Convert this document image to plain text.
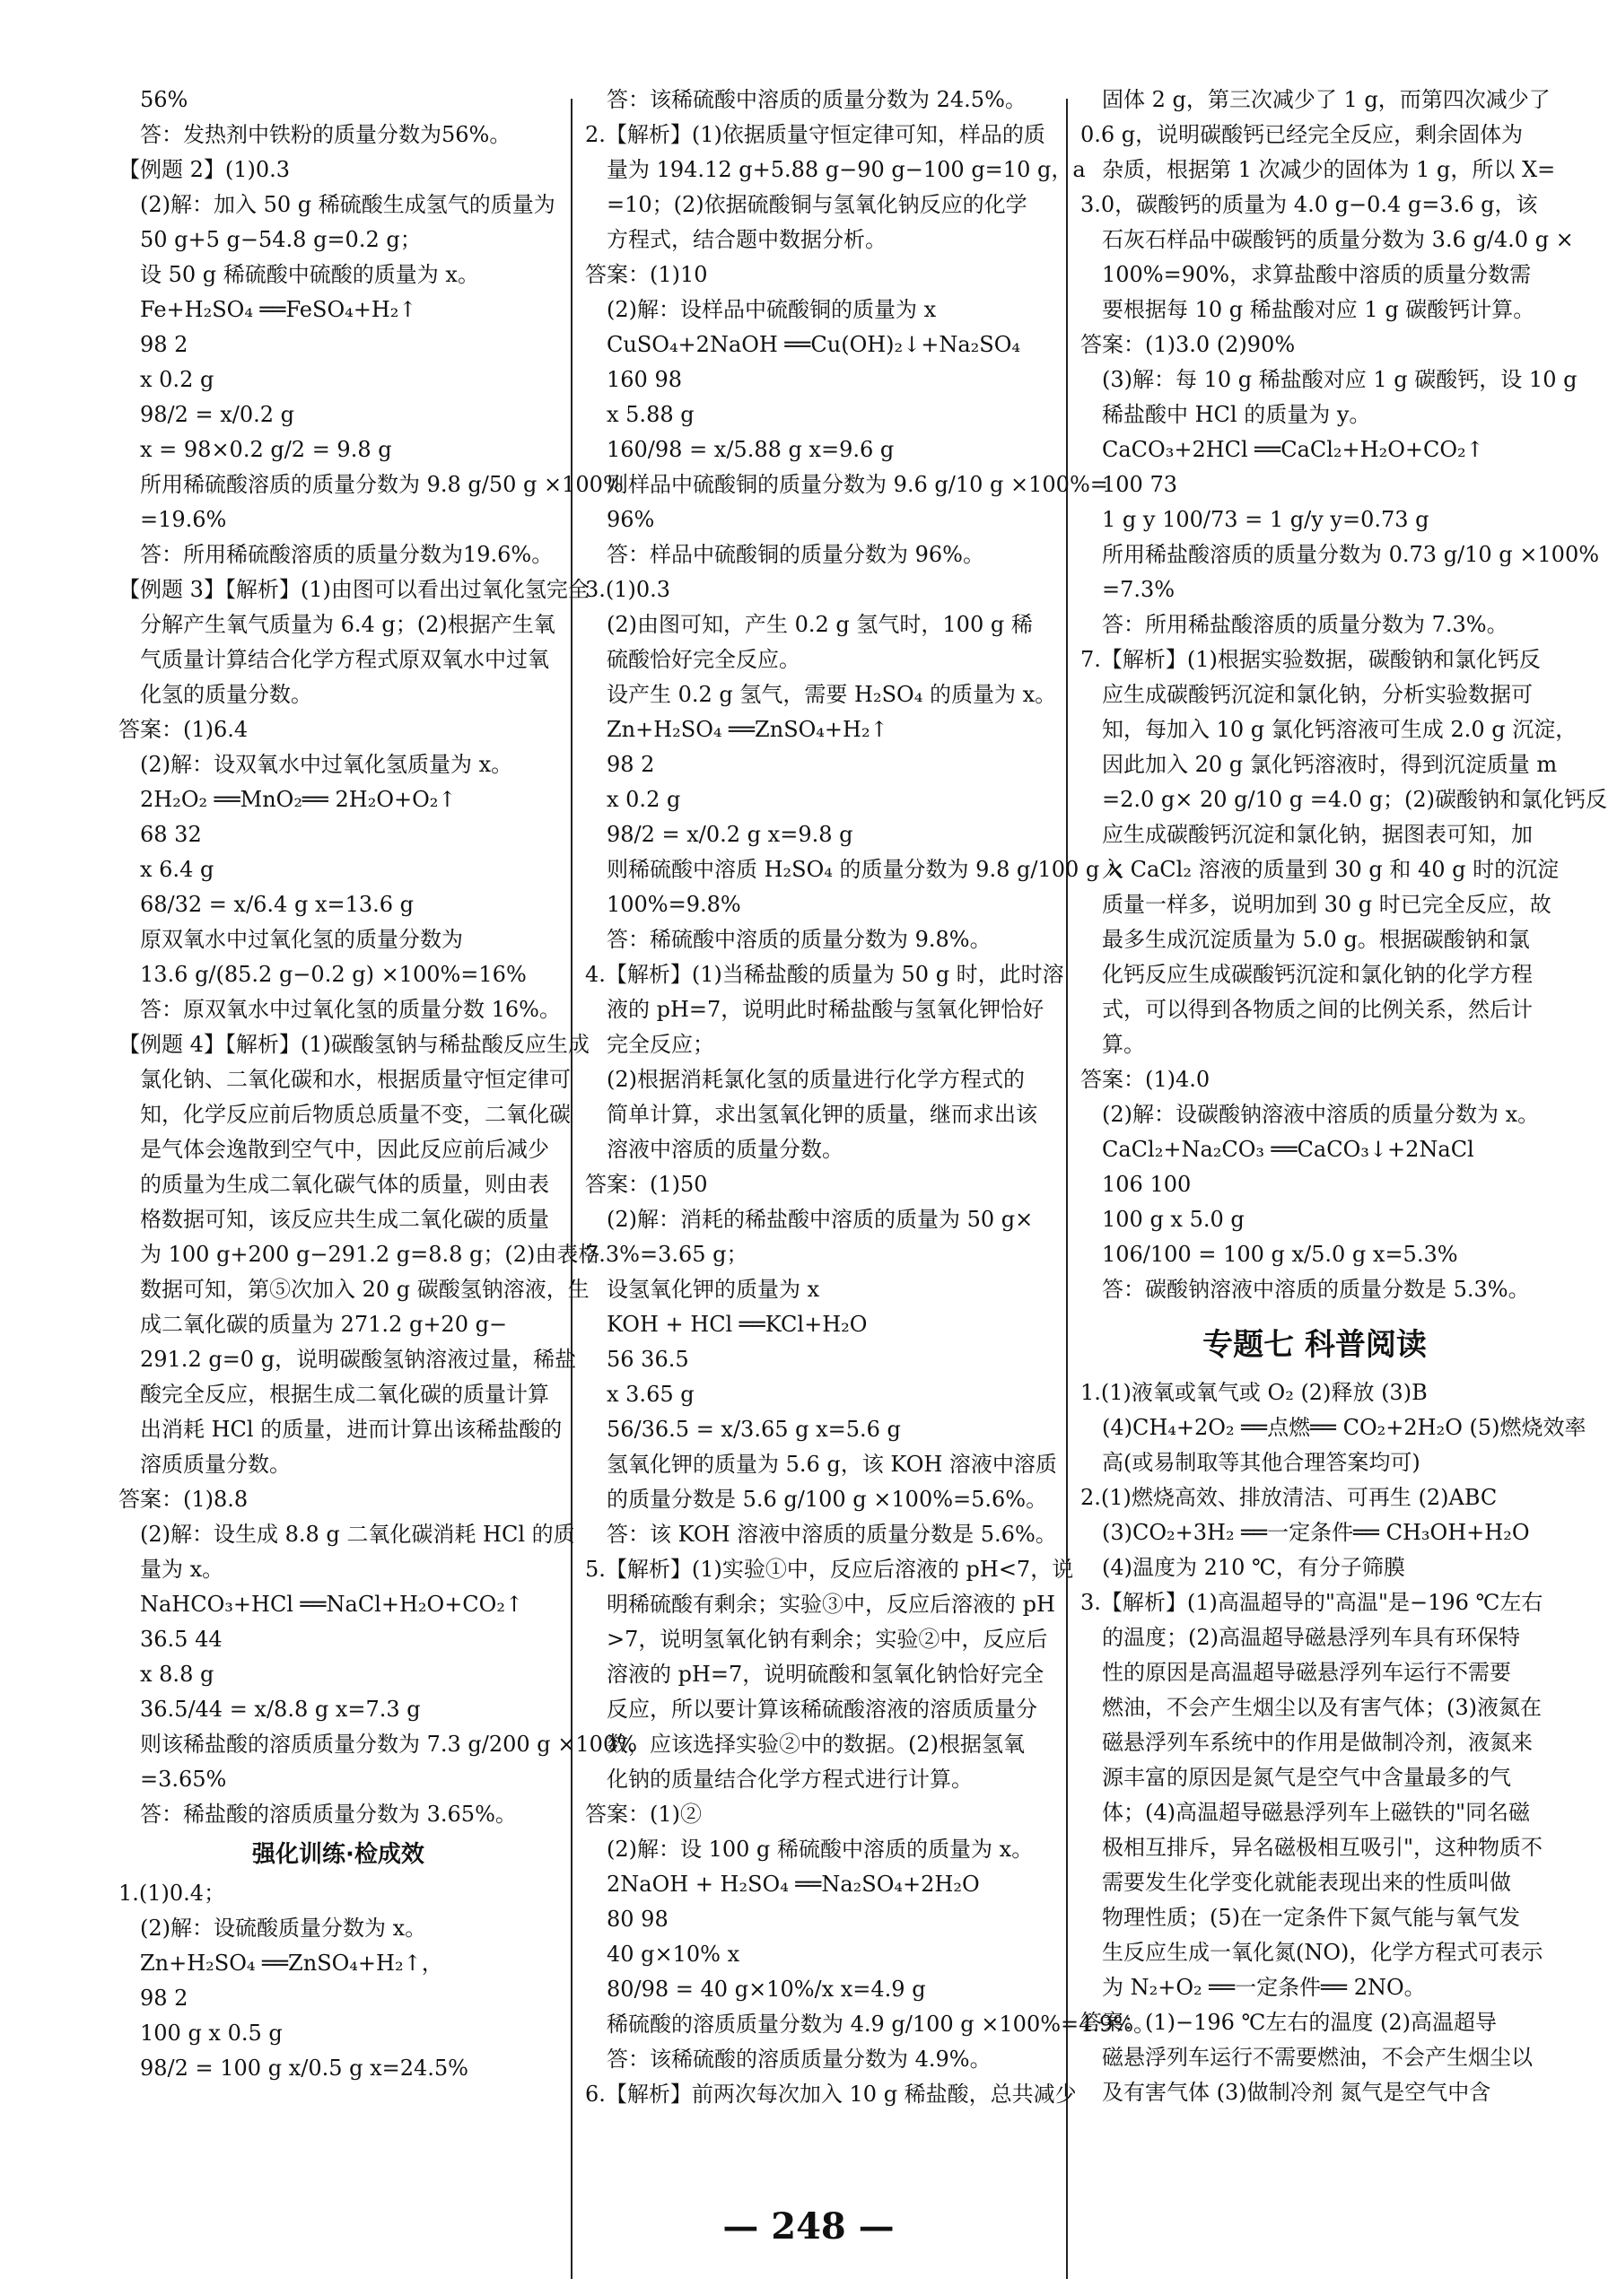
56%
答：发热剂中铁粉的质量分数为56%。
【例题 2】(1)0.3
(2)解：加入 50 g 稀硫酸生成氢气的质量为
50 g+5 g−54.8 g=0.2 g；
设 50 g 稀硫酸中硫酸的质量为 x。
Fe+H₂SO₄ ══FeSO₄+H₂↑
98 2
x 0.2 g
98/2 = x/0.2 g
x = 98×0.2 g/2 = 9.8 g
所用稀硫酸溶质的质量分数为 9.8 g/50 g ×100%
=19.6%
答：所用稀硫酸溶质的质量分数为19.6%。
【例题 3】【解析】(1)由图可以看出过氧化氢完全
分解产生氧气质量为 6.4 g；(2)根据产生氧
气质量计算结合化学方程式原双氧水中过氧
化氢的质量分数。
答案：(1)6.4
(2)解：设双氧水中过氧化氢质量为 x。
2H₂O₂ ══MnO₂══ 2H₂O+O₂↑
68 32
x 6.4 g
68/32 = x/6.4 g x=13.6 g
原双氧水中过氧化氢的质量分数为
13.6 g/(85.2 g−0.2 g) ×100%=16%
答：原双氧水中过氧化氢的质量分数 16%。
【例题 4】【解析】(1)碳酸氢钠与稀盐酸反应生成
氯化钠、二氧化碳和水，根据质量守恒定律可
知，化学反应前后物质总质量不变，二氧化碳
是气体会逸散到空气中，因此反应前后减少
的质量为生成二氧化碳气体的质量，则由表
格数据可知，该反应共生成二氧化碳的质量
为 100 g+200 g−291.2 g=8.8 g；(2)由表格
数据可知，第⑤次加入 20 g 碳酸氢钠溶液，生
成二氧化碳的质量为 271.2 g+20 g−
291.2 g=0 g，说明碳酸氢钠溶液过量，稀盐
酸完全反应，根据生成二氧化碳的质量计算
出消耗 HCl 的质量，进而计算出该稀盐酸的
溶质质量分数。
答案：(1)8.8
(2)解：设生成 8.8 g 二氧化碳消耗 HCl 的质
量为 x。
NaHCO₃+HCl ══NaCl+H₂O+CO₂↑
36.5 44
x 8.8 g
36.5/44 = x/8.8 g x=7.3 g
则该稀盐酸的溶质质量分数为 7.3 g/200 g ×100%
=3.65%
答：稀盐酸的溶质质量分数为 3.65%。
强化训练·检成效
1.(1)0.4；
(2)解：设硫酸质量分数为 x。
Zn+H₂SO₄ ══ZnSO₄+H₂↑，
98 2
100 g x 0.5 g
98/2 = 100 g x/0.5 g x=24.5%
答：该稀硫酸中溶质的质量分数为 24.5%。
2.【解析】(1)依据质量守恒定律可知，样品的质
量为 194.12 g+5.88 g−90 g−100 g=10 g，a
=10；(2)依据硫酸铜与氢氧化钠反应的化学
方程式，结合题中数据分析。
答案：(1)10
(2)解：设样品中硫酸铜的质量为 x
CuSO₄+2NaOH ══Cu(OH)₂↓+Na₂SO₄
160 98
x 5.88 g
160/98 = x/5.88 g x=9.6 g
则样品中硫酸铜的质量分数为 9.6 g/10 g ×100%=
96%
答：样品中硫酸铜的质量分数为 96%。
3.(1)0.3
(2)由图可知，产生 0.2 g 氢气时，100 g 稀
硫酸恰好完全反应。
设产生 0.2 g 氢气，需要 H₂SO₄ 的质量为 x。
Zn+H₂SO₄ ══ZnSO₄+H₂↑
98 2
x 0.2 g
98/2 = x/0.2 g x=9.8 g
则稀硫酸中溶质 H₂SO₄ 的质量分数为 9.8 g/100 g ×
100%=9.8%
答：稀硫酸中溶质的质量分数为 9.8%。
4.【解析】(1)当稀盐酸的质量为 50 g 时，此时溶
液的 pH=7，说明此时稀盐酸与氢氧化钾恰好
完全反应；
(2)根据消耗氯化氢的质量进行化学方程式的
简单计算，求出氢氧化钾的质量，继而求出该
溶液中溶质的质量分数。
答案：(1)50
(2)解：消耗的稀盐酸中溶质的质量为 50 g×
7.3%=3.65 g；
设氢氧化钾的质量为 x
KOH + HCl ══KCl+H₂O
56 36.5
x 3.65 g
56/36.5 = x/3.65 g x=5.6 g
氢氧化钾的质量为 5.6 g，该 KOH 溶液中溶质
的质量分数是 5.6 g/100 g ×100%=5.6%。
答：该 KOH 溶液中溶质的质量分数是 5.6%。
5.【解析】(1)实验①中，反应后溶液的 pH<7，说
明稀硫酸有剩余；实验③中，反应后溶液的 pH
>7，说明氢氧化钠有剩余；实验②中，反应后
溶液的 pH=7，说明硫酸和氢氧化钠恰好完全
反应，所以要计算该稀硫酸溶液的溶质质量分
数，应该选择实验②中的数据。(2)根据氢氧
化钠的质量结合化学方程式进行计算。
答案：(1)②
(2)解：设 100 g 稀硫酸中溶质的质量为 x。
2NaOH + H₂SO₄ ══Na₂SO₄+2H₂O
80 98
40 g×10% x
80/98 = 40 g×10%/x x=4.9 g
稀硫酸的溶质质量分数为 4.9 g/100 g ×100%=4.9%。
答：该稀硫酸的溶质质量分数为 4.9%。
6.【解析】前两次每次加入 10 g 稀盐酸，总共减少
固体 2 g，第三次减少了 1 g，而第四次减少了
0.6 g，说明碳酸钙已经完全反应，剩余固体为
杂质，根据第 1 次减少的固体为 1 g，所以 X=
3.0，碳酸钙的质量为 4.0 g−0.4 g=3.6 g，该
石灰石样品中碳酸钙的质量分数为 3.6 g/4.0 g ×
100%=90%，求算盐酸中溶质的质量分数需
要根据每 10 g 稀盐酸对应 1 g 碳酸钙计算。
答案：(1)3.0 (2)90%
(3)解：每 10 g 稀盐酸对应 1 g 碳酸钙，设 10 g
稀盐酸中 HCl 的质量为 y。
CaCO₃+2HCl ══CaCl₂+H₂O+CO₂↑
100 73
1 g y 100/73 = 1 g/y y=0.73 g
所用稀盐酸溶质的质量分数为 0.73 g/10 g ×100%
=7.3%
答：所用稀盐酸溶质的质量分数为 7.3%。
7.【解析】(1)根据实验数据，碳酸钠和氯化钙反
应生成碳酸钙沉淀和氯化钠，分析实验数据可
知，每加入 10 g 氯化钙溶液可生成 2.0 g 沉淀，
因此加入 20 g 氯化钙溶液时，得到沉淀质量 m
=2.0 g× 20 g/10 g =4.0 g；(2)碳酸钠和氯化钙反
应生成碳酸钙沉淀和氯化钠，据图表可知，加
入 CaCl₂ 溶液的质量到 30 g 和 40 g 时的沉淀
质量一样多，说明加到 30 g 时已完全反应，故
最多生成沉淀质量为 5.0 g。根据碳酸钠和氯
化钙反应生成碳酸钙沉淀和氯化钠的化学方程
式，可以得到各物质之间的比例关系，然后计
算。
答案：(1)4.0
(2)解：设碳酸钠溶液中溶质的质量分数为 x。
CaCl₂+Na₂CO₃ ══CaCO₃↓+2NaCl
106 100
100 g x 5.0 g
106/100 = 100 g x/5.0 g x=5.3%
答：碳酸钠溶液中溶质的质量分数是 5.3%。
专题七 科普阅读
1.(1)液氧或氧气或 O₂ (2)释放 (3)B
(4)CH₄+2O₂ ══点燃══ CO₂+2H₂O (5)燃烧效率
高(或易制取等其他合理答案均可)
2.(1)燃烧高效、排放清洁、可再生 (2)ABC
(3)CO₂+3H₂ ══一定条件══ CH₃OH+H₂O
(4)温度为 210 ℃，有分子筛膜
3.【解析】(1)高温超导的"高温"是−196 ℃左右
的温度；(2)高温超导磁悬浮列车具有环保特
性的原因是高温超导磁悬浮列车运行不需要
燃油，不会产生烟尘以及有害气体；(3)液氮在
磁悬浮列车系统中的作用是做制冷剂，液氮来
源丰富的原因是氮气是空气中含量最多的气
体；(4)高温超导磁悬浮列车上磁铁的"同名磁
极相互排斥，异名磁极相互吸引"，这种物质不
需要发生化学变化就能表现出来的性质叫做
物理性质；(5)在一定条件下氮气能与氧气发
生反应生成一氧化氮(NO)，化学方程式可表示
为 N₂+O₂ ══一定条件══ 2NO。
答案：(1)−196 ℃左右的温度 (2)高温超导
磁悬浮列车运行不需要燃油，不会产生烟尘以
及有害气体 (3)做制冷剂 氮气是空气中含
— 248 —
